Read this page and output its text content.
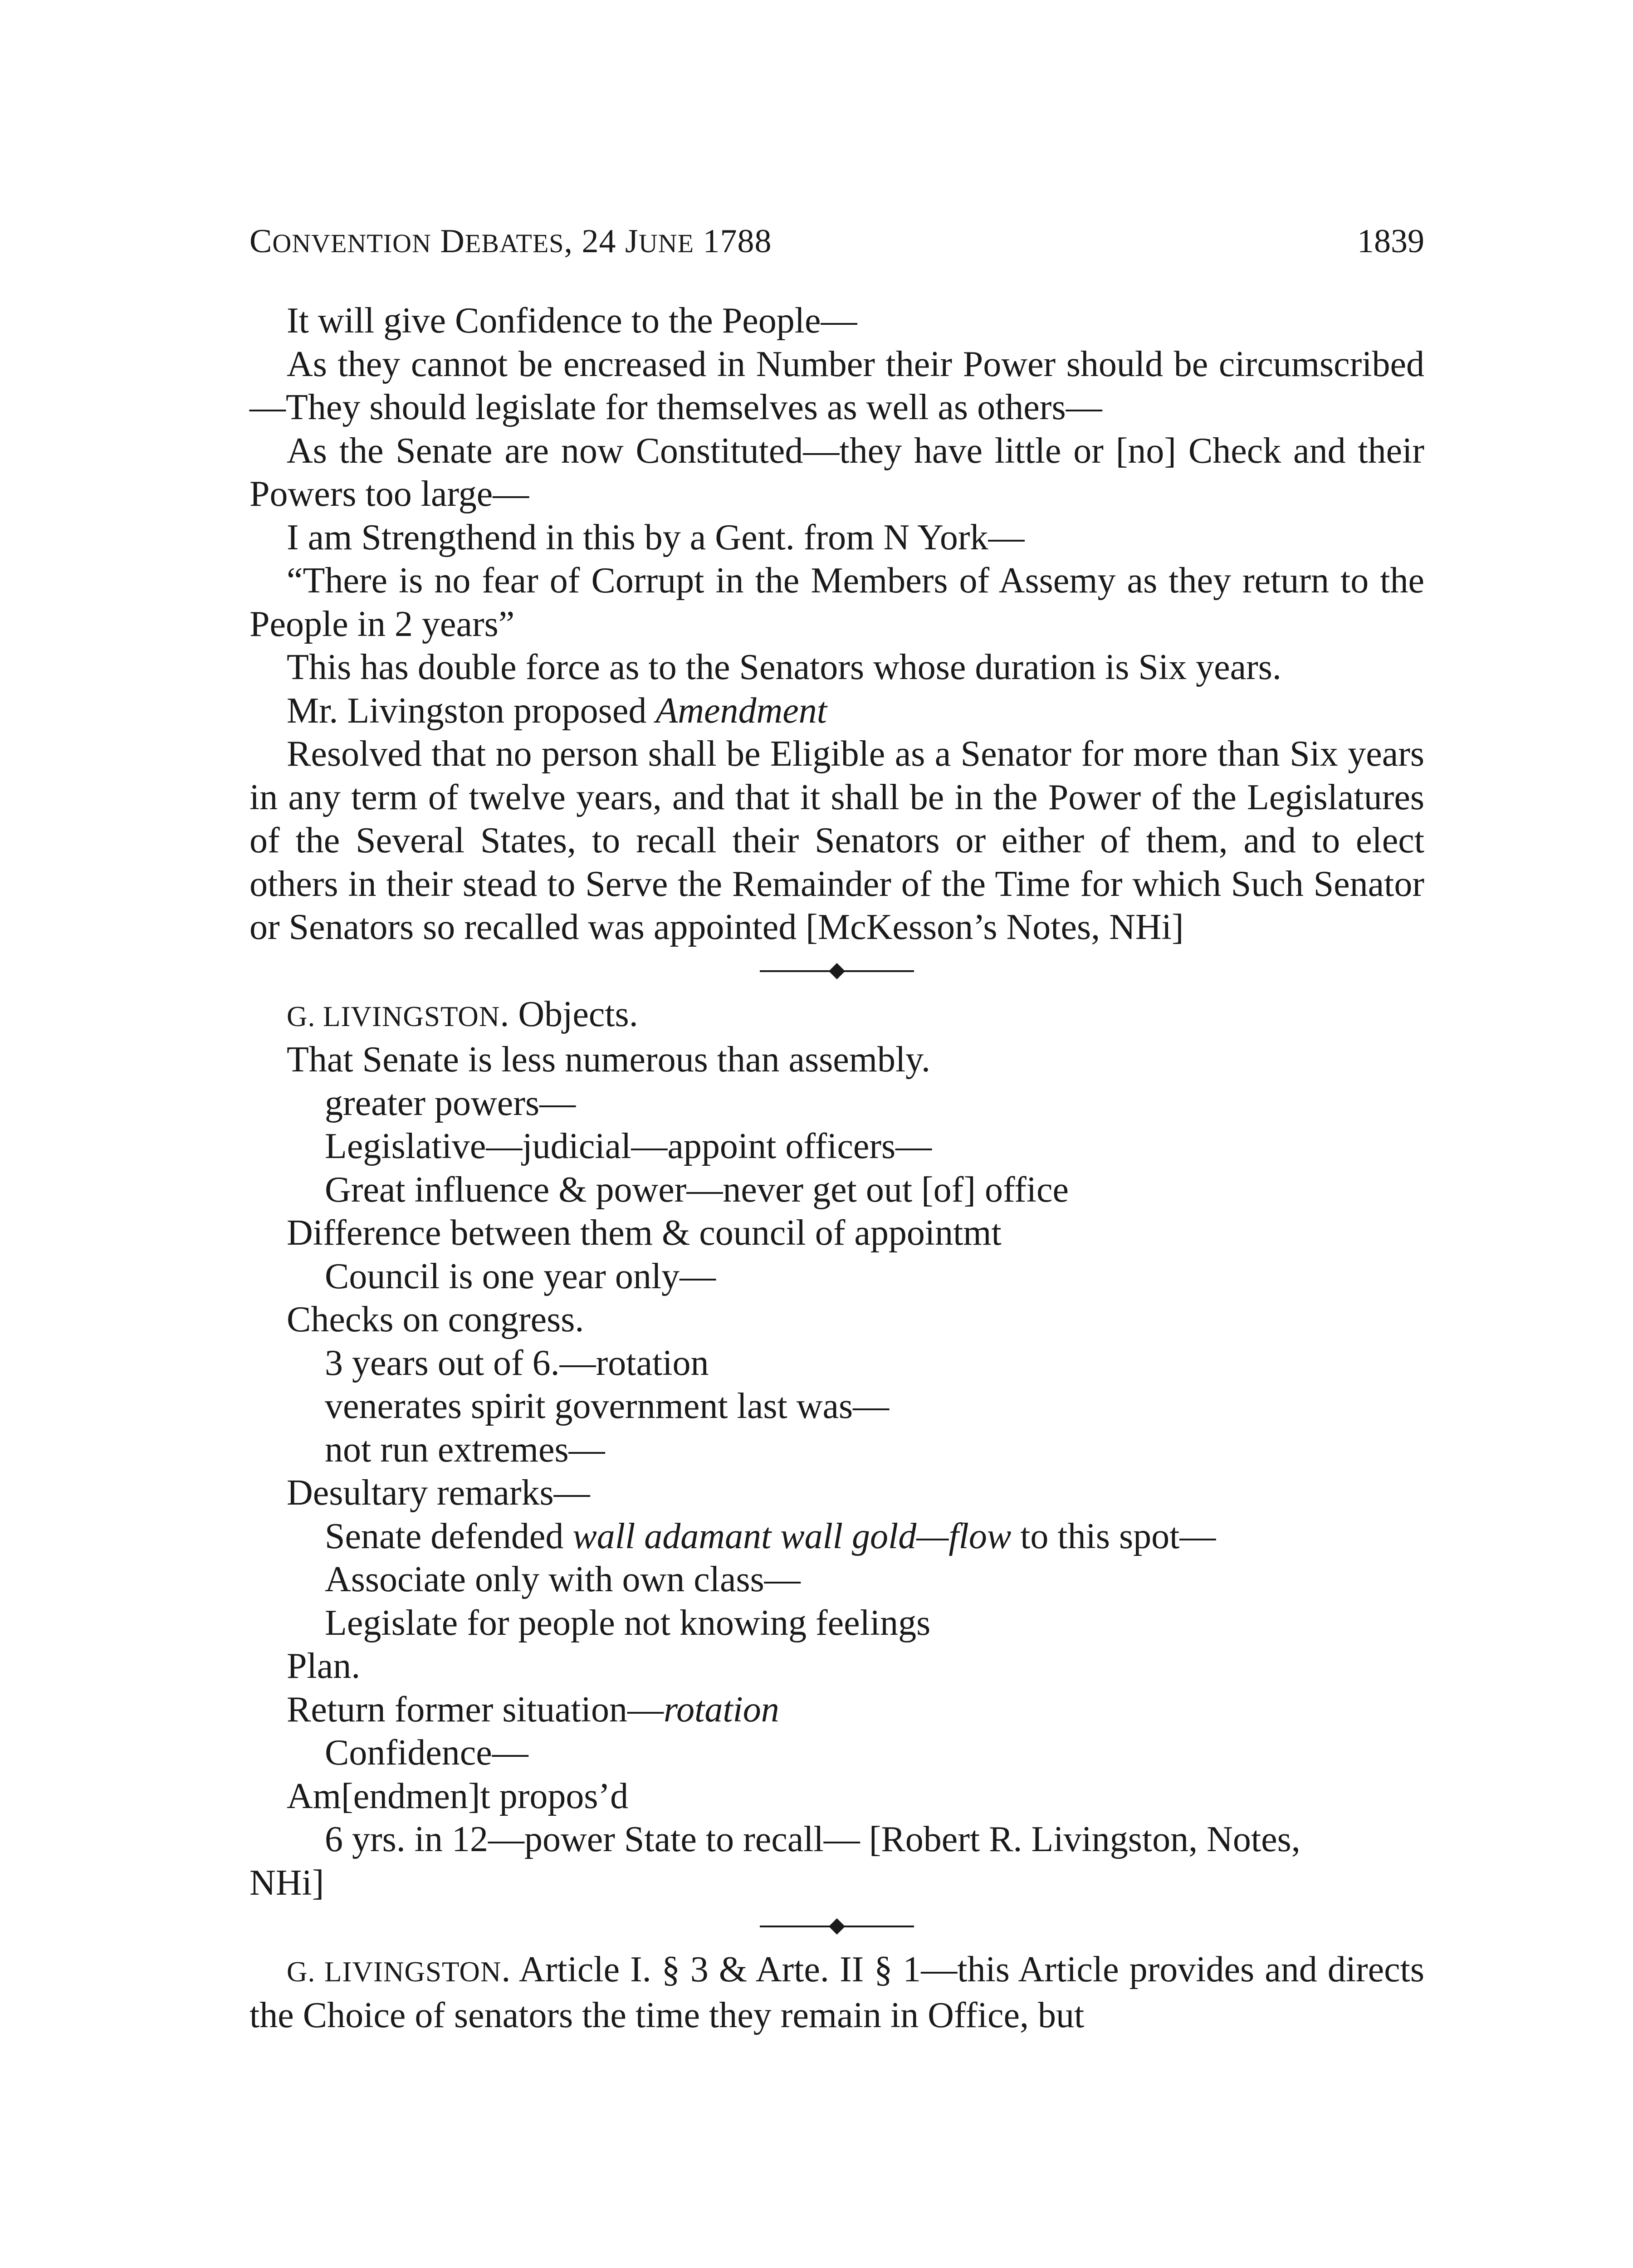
CONVENTION DEBATES, 24 JUNE 1788	1839

It will give Confidence to the People—

As they cannot be encreased in Number their Power should be circumscribed—They should legislate for themselves as well as others—

As the Senate are now Constituted—they have little or [no] Check and their Powers too large—

I am Strengthend in this by a Gent. from N York—

“There is no fear of Corrupt in the Members of Assemy as they return to the People in 2 years”

This has double force as to the Senators whose duration is Six years.

Mr. Livingston proposed Amendment

Resolved that no person shall be Eligible as a Senator for more than Six years in any term of twelve years, and that it shall be in the Power of the Legislatures of the Several States, to recall their Senators or either of them, and to elect others in their stead to Serve the Remainder of the Time for which Such Senator or Senators so recalled was appointed [McKesson’s Notes, NHi]

G. LIVINGSTON. Objects.

That Senate is less numerous than assembly.

greater powers—

Legislative—judicial—appoint officers—

Great influence & power—never get out [of] office

Difference between them & council of appointmt

Council is one year only—

Checks on congress.

3 years out of 6.—rotation

venerates spirit government last was—

not run extremes—

Desultary remarks—

Senate defended wall adamant wall gold—flow to this spot—

Associate only with own class—

Legislate for people not knowing feelings

Plan.

Return former situation—rotation

Confidence—

Am[endmen]t propos’d

6 yrs. in 12—power State to recall— [Robert R. Livingston, Notes,

NHi]

G. LIVINGSTON. Article I. § 3 & Arte. II § 1—this Article provides and directs the Choice of senators the time they remain in Office, but
